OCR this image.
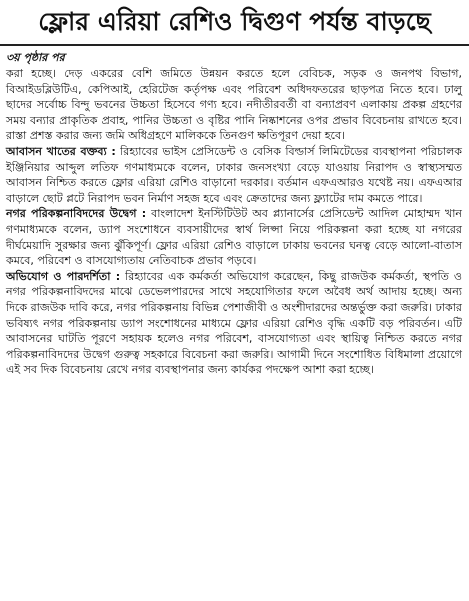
ফ্লোর এরিয়া রেশিও দ্বিগুণ পর্যন্ত বাড়ছে
৩য় পৃষ্ঠার পর

করা হচ্ছে। দেড় একরের বেশি জমিতে উন্নয়ন করতে হলে বেবিচক, সড়ক ও জনপথ বিভাগ, বিআইডব্লিউটিএ, কেপিআই, হেরিটেজ কর্তৃপক্ষ এবং পরিবেশ অধিদফতরের ছাড়পত্র নিতে হবে। ঢালু ছাদের সর্বোচ্চ বিন্দু ভবনের উচ্চতা হিসেবে গণ্য হবে। নদীতীরবর্তী বা বন্যাপ্রবণ এলাকায় প্রকল্প গ্রহণের সময় বন্যার প্রাকৃতিক প্রবাহ, পানির উচ্চতা ও বৃষ্টির পানি নিষ্কাশনের ওপর প্রভাব বিবেচনায় রাখতে হবে। রাস্তা প্রশস্ত করার জন্য জমি অধিগ্রহণে মালিককে তিনগুণ ক্ষতিপূরণ দেয়া হবে।

আবাসন খাতের বক্তব্য : রিহ্যাবের ভাইস প্রেসিডেন্ট ও বেসিক বিল্ডার্স লিমিটেডের ব্যবস্থাপনা পরিচালক ইঞ্জিনিয়ার আব্দুল লতিফ গণমাধ্যমকে বলেন, ঢাকার জনসংখ্যা বেড়ে যাওয়ায় নিরাপদ ও স্বাস্থ্যসম্মত আবাসন নিশ্চিত করতে ফ্লোর এরিয়া রেশিও বাড়ানো দরকার। বর্তমান এফএআরও যথেষ্ট নয়। এফএআর বাড়ালে ছোট প্লটে নিরাপদ ভবন নির্মাণ সহজ হবে এবং ক্রেতাদের জন্য ফ্ল্যাটের দাম কমতে পারে।

নগর পরিকল্পনাবিদদের উদ্বেগ : বাংলাদেশ ইনস্টিটিউট অব প্ল্যানার্সের প্রেসিডেন্ট আদিল মোহাম্মদ খান গণমাধ্যমকে বলেন, ড্যাপ সংশোধনে ব্যবসায়ীদের স্বার্থ লিপ্সা নিয়ে পরিকল্পনা করা হচ্ছে যা নগরের দীর্ঘমেয়াদি সুরক্ষার জন্য ঝুঁকিপূর্ণ। ফ্লোর এরিয়া রেশিও বাড়ালে ঢাকায় ভবনের ঘনত্ব বেড়ে আলো-বাতাস কমবে, পরিবেশ ও বাসযোগ্যতায় নেতিবাচক প্রভাব পড়বে।

অভিযোগ ও পারদর্শিতা : রিহ্যাবের এক কর্মকর্তা অভিযোগ করেছেন, কিছু রাজউক কর্মকর্তা, স্থপতি ও নগর পরিকল্পনাবিদদের মাঝে ডেভেলপারদের সাথে সহযোগিতার ফলে অবৈধ অর্থ আদায় হচ্ছে। অন্য দিকে রাজউক দাবি করে, নগর পরিকল্পনায় বিভিন্ন পেশাজীবী ও অংশীদারদের অন্তর্ভুক্ত করা জরুরি। ঢাকার ভবিষ্যৎ নগর পরিকল্পনায় ড্যাপ সংশোধনের মাধ্যমে ফ্লোর এরিয়া রেশিও বৃদ্ধি একটি বড় পরিবর্তন। এটি আবাসনের ঘাটতি পূরণে সহায়ক হলেও নগর পরিবেশ, বাসযোগ্যতা এবং স্থায়িত্ব নিশ্চিত করতে নগর পরিকল্পনাবিদদের উদ্বেগ গুরুত্ব সহকারে বিবেচনা করা জরুরি। আগামী দিনে সংশোধিত বিধিমালা প্রয়োগে এই সব দিক বিবেচনায় রেখে নগর ব্যবস্থাপনার জন্য কার্যকর পদক্ষেপ আশা করা হচ্ছে।
